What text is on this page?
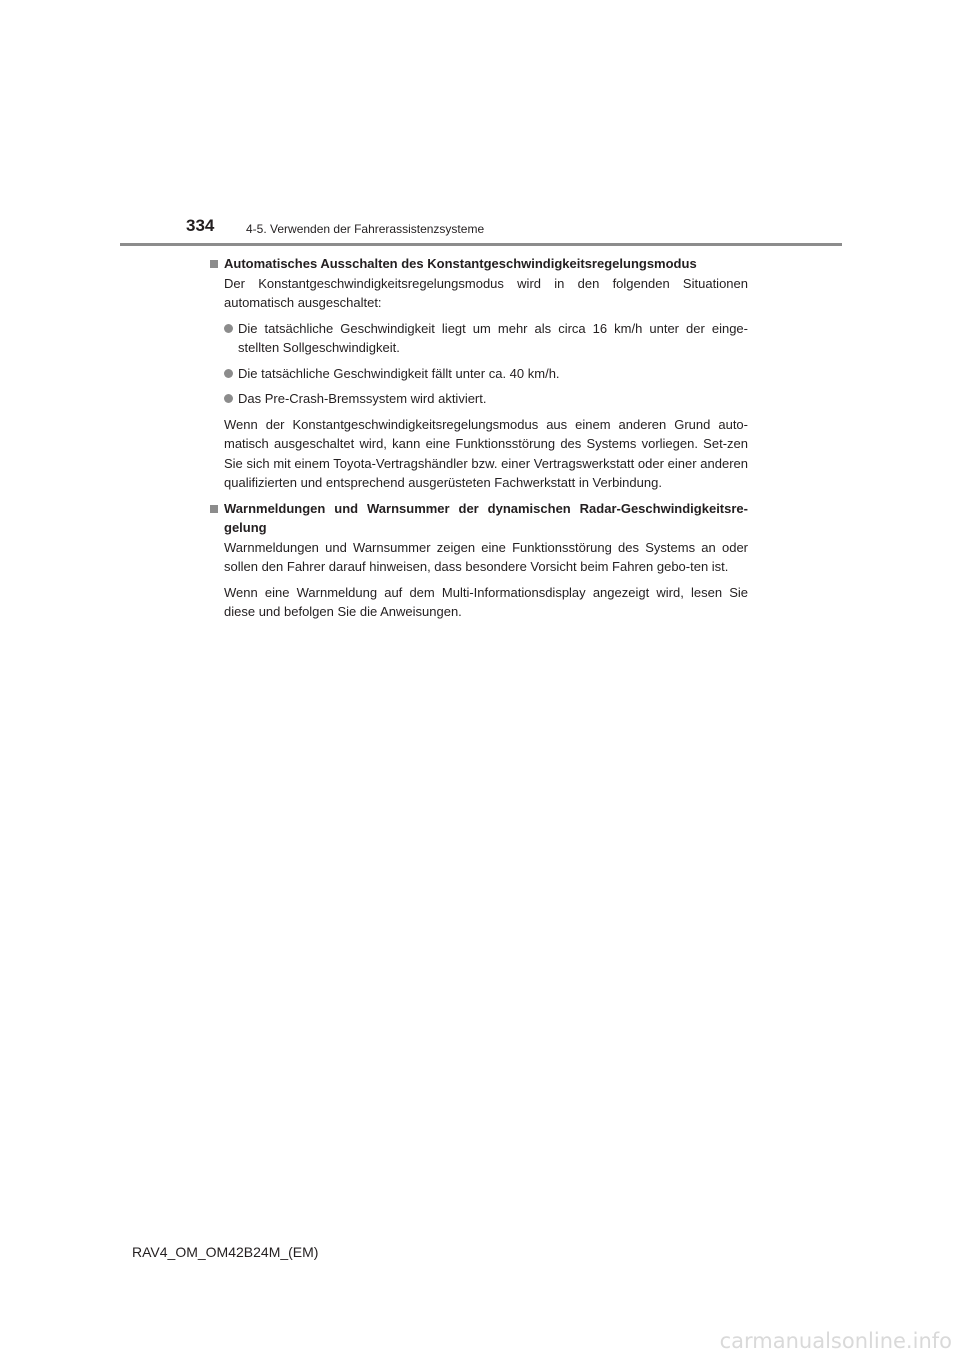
334	4-5. Verwenden der Fahrerassistenzsysteme
Automatisches Ausschalten des Konstantgeschwindigkeitsregelungsmodus

Der Konstantgeschwindigkeitsregelungsmodus wird in den folgenden Situationen automatisch ausgeschaltet:

Die tatsächliche Geschwindigkeit liegt um mehr als circa 16 km/h unter der einge-stellten Sollgeschwindigkeit.
Die tatsächliche Geschwindigkeit fällt unter ca. 40 km/h.
Das Pre-Crash-Bremssystem wird aktiviert.

Wenn der Konstantgeschwindigkeitsregelungsmodus aus einem anderen Grund auto-matisch ausgeschaltet wird, kann eine Funktionsstörung des Systems vorliegen. Set-zen Sie sich mit einem Toyota-Vertragshändler bzw. einer Vertragswerkstatt oder einer anderen qualifizierten und entsprechend ausgerüsteten Fachwerkstatt in Verbindung.

Warnmeldungen und Warnsummer der dynamischen Radar-Geschwindigkeitsre-gelung

Warnmeldungen und Warnsummer zeigen eine Funktionsstörung des Systems an oder sollen den Fahrer darauf hinweisen, dass besondere Vorsicht beim Fahren gebo-ten ist.

Wenn eine Warnmeldung auf dem Multi-Informationsdisplay angezeigt wird, lesen Sie diese und befolgen Sie die Anweisungen.

RAV4_OM_OM42B24M_(EM)
carmanualsonline.info
